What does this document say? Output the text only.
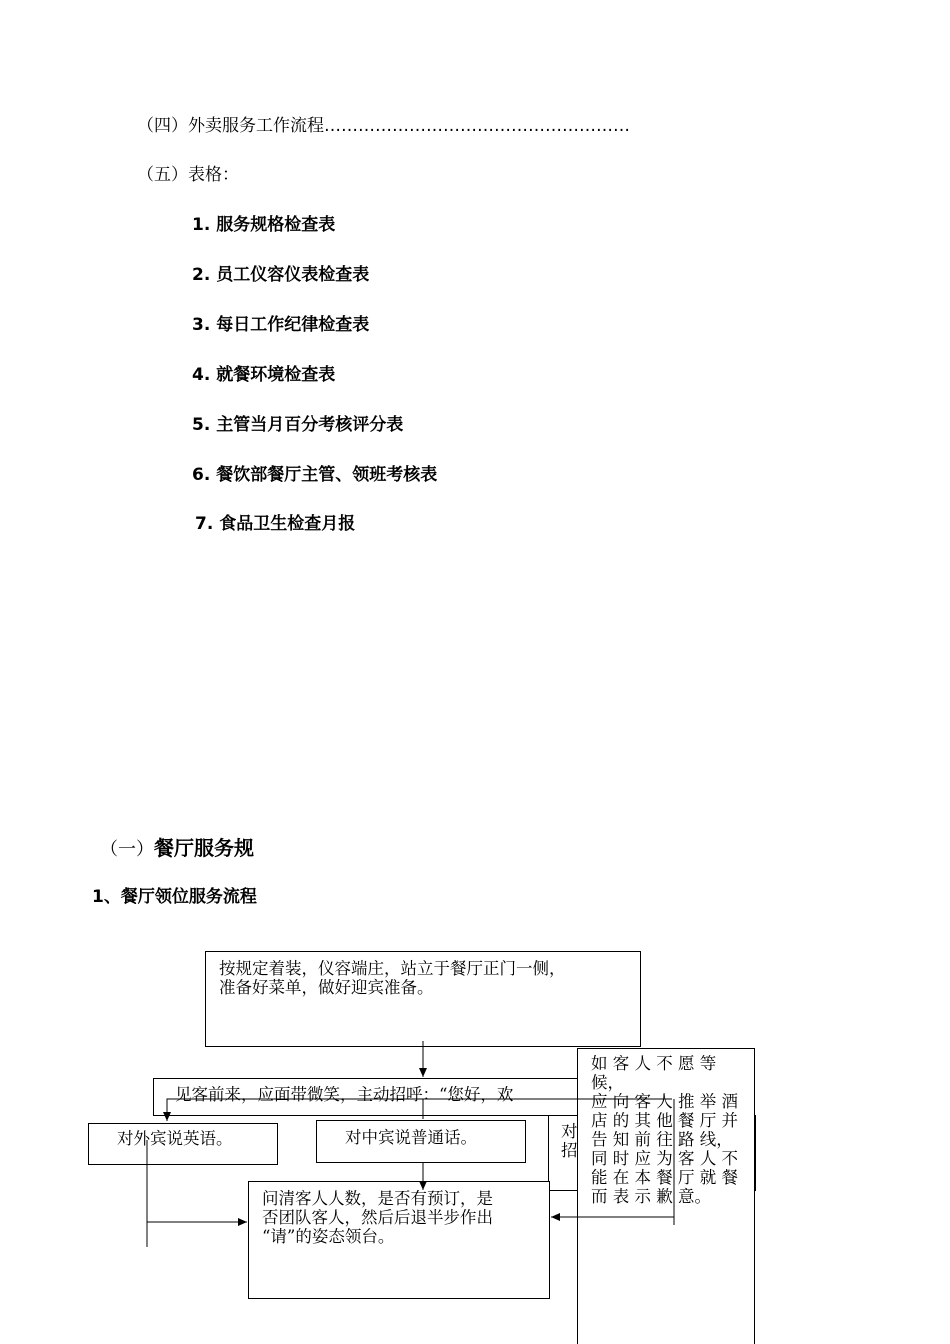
（四）外卖服务工作流程………………………………………………
（五）表格：
1. 服务规格检查表
2. 员工仪容仪表检查表
3. 每日工作纪律检查表
4. 就餐环境检查表
5. 主管当月百分考核评分表
6. 餐饮部餐厅主管、领班考核表
7. 食品卫生检查月报
（一）餐厅服务规
1、餐厅领位服务流程
按规定着装，仪容端庄，站立于餐厅正门一侧，
准备好菜单，做好迎宾准备。
见客前来，应面带微笑，主动招呼：“您好，欢
对外宾说英语。	对中宾说普通话。	对
招
问清客人人数，是否有预订，是
否团队客人，然后后退半步作出
“请”的姿态领台。
如 客 人 不 愿 等 候，
应 向 客 人 推 举 酒
店 的 其 他 餐 厅 并
告 知 前 往 路 线，
同 时 应 为 客 人 不
能 在 本 餐 厅 就 餐
而 表 示 歉 意。
